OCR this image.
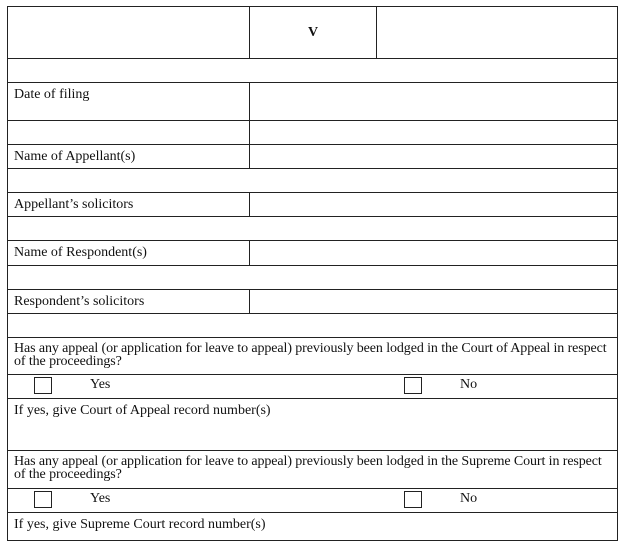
V
Date of filing
Name of Appellant(s)
Appellant’s solicitors
Name of Respondent(s)
Respondent’s solicitors
Has any appeal (or application for leave to appeal) previously been lodged in the Court of Appeal in respect of the proceedings?
Yes	No
If yes, give Court of Appeal record number(s)
Has any appeal (or application for leave to appeal) previously been lodged in the Supreme Court in respect of the proceedings?
Yes	No
If yes, give Supreme Court record number(s)
